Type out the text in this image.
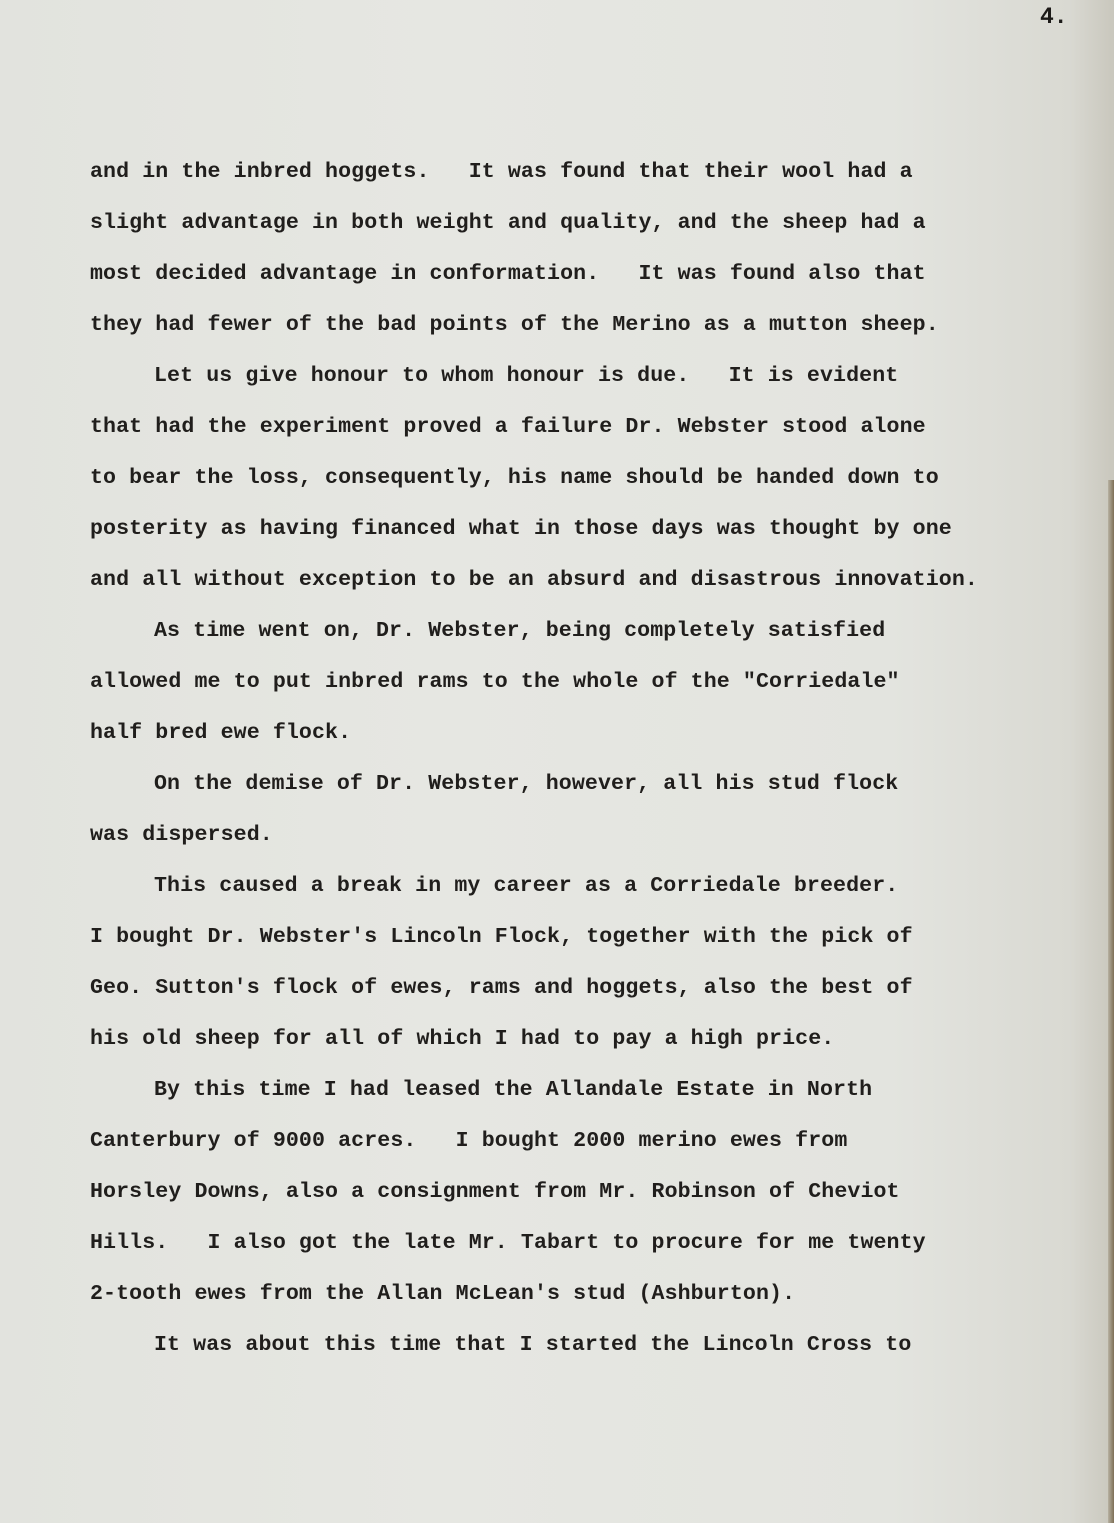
4.
and in the inbred hoggets.   It was found that their wool had a
slight advantage in both weight and quality, and the sheep had a
most decided advantage in conformation.   It was found also that
they had fewer of the bad points of the Merino as a mutton sheep.
Let us give honour to whom honour is due.   It is evident
that had the experiment proved a failure Dr. Webster stood alone
to bear the loss, consequently, his name should be handed down to
posterity as having financed what in those days was thought by one
and all without exception to be an absurd and disastrous innovation.
As time went on, Dr. Webster, being completely satisfied
allowed me to put inbred rams to the whole of the "Corriedale"
half bred ewe flock.
On the demise of Dr. Webster, however, all his stud flock
was dispersed.
This caused a break in my career as a Corriedale breeder.
I bought Dr. Webster's Lincoln Flock, together with the pick of
Geo. Sutton's flock of ewes, rams and hoggets, also the best of
his old sheep for all of which I had to pay a high price.
By this time I had leased the Allandale Estate in North
Canterbury of 9000 acres.   I bought 2000 merino ewes from
Horsley Downs, also a consignment from Mr. Robinson of Cheviot
Hills.   I also got the late Mr. Tabart to procure for me twenty
2-tooth ewes from the Allan McLean's stud (Ashburton).
It was about this time that I started the Lincoln Cross to
